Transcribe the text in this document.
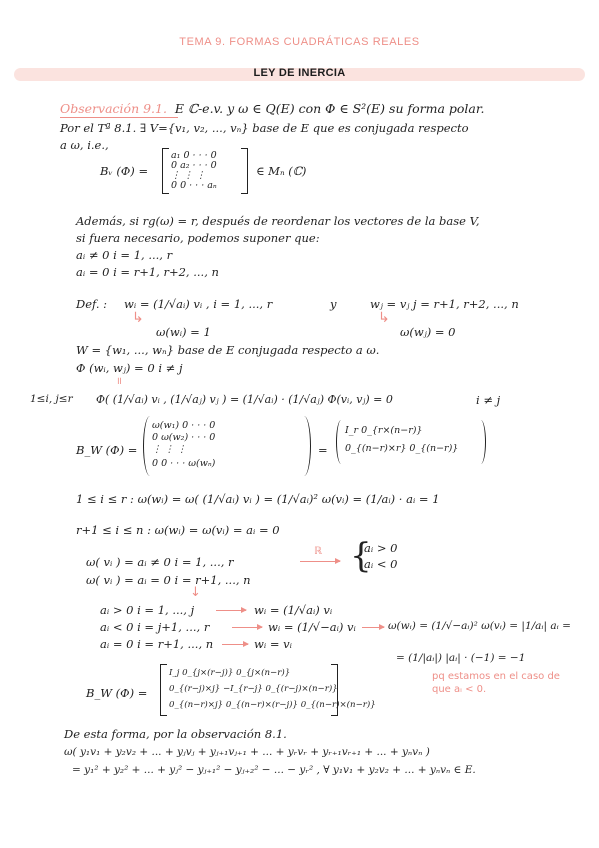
TEMA 9. FORMAS CUADRÁTICAS REALES
LEY DE INERCIA
Observación 9.1. E ℂ-e.v. y ω ∈ Q(E) con Φ ∈ S²(E) su forma polar.
Por el Tª 8.1. ∃ V={v₁, v₂, ..., vₙ} base de E que es conjugada respecto
a ω, i.e.,
Bᵥ (Φ) =
a₁ 0 · · · 0
0 a₂ · · · 0
⋮ ⋮ ⋮
0 0 · · · aₙ
∈ Mₙ (ℂ)
Además, si rg(ω) = r, después de reordenar los vectores de la base V,
si fuera necesario, podemos suponer que:
aᵢ ≠ 0 i = 1, ..., r
aᵢ = 0 i = r+1, r+2, ..., n
Def. : wᵢ = (1/√aᵢ) vᵢ , i = 1, ..., r	y	wⱼ = vⱼ j = r+1, r+2, ..., n
↳
ω(wᵢ) = 1
↳
ω(wⱼ) = 0
W = {w₁, ..., wₙ} base de E conjugada respecto a ω.
Φ (wᵢ, wⱼ) = 0 i ≠ j
॥
1≤i, j≤r Φ( (1/√aᵢ) vᵢ , (1/√aⱼ) vⱼ ) = (1/√aᵢ) · (1/√aⱼ) Φ(vᵢ, vⱼ) = 0	i ≠ j
B_W (Φ) =
ω(w₁) 0 · · · 0
0 ω(w₂) · · · 0
⋮ ⋮ ⋮
0 0 · · · ω(wₙ)
=
I_r 0_{r×(n−r)}
0_{(n−r)×r} 0_{(n−r)}
1 ≤ i ≤ r : ω(wᵢ) = ω( (1/√aᵢ) vᵢ ) = (1/√aᵢ)² ω(vᵢ) = (1/aᵢ) · aᵢ = 1
r+1 ≤ i ≤ n : ω(wᵢ) = ω(vᵢ) = aᵢ = 0
ω( vᵢ ) = aᵢ ≠ 0 i = 1, ..., r
ω( vᵢ ) = aᵢ = 0 i = r+1, ..., n
ℝ {
aᵢ > 0
aᵢ < 0
↓
aᵢ > 0 i = 1, ..., j	wᵢ = (1/√aᵢ) vᵢ
aᵢ < 0 i = j+1, ..., r	wᵢ = (1/√−aᵢ) vᵢ	ω(wᵢ) = (1/√−aᵢ)² ω(vᵢ) = |1/aᵢ| aᵢ =
aᵢ = 0 i = r+1, ..., n	wᵢ = vᵢ
= (1/|aᵢ|) |aᵢ| · (−1) = −1
pq estamos en el caso de
que aᵢ < 0.
B_W (Φ) =
I_j 0_{j×(r−j)} 0_{j×(n−r)}
0_{(r−j)×j} −I_{r−j} 0_{(r−j)×(n−r)}
0_{(n−r)×j} 0_{(n−r)×(r−j)} 0_{(n−r)×(n−r)}
De esta forma, por la observación 8.1.
ω( y₁v₁ + y₂v₂ + ... + yⱼvⱼ + yⱼ₊₁vⱼ₊₁ + ... + yᵣvᵣ + yᵣ₊₁vᵣ₊₁ + ... + yₙvₙ )
= y₁² + y₂² + ... + yⱼ² − yⱼ₊₁² − yⱼ₊₂² − ... − yᵣ² , ∀ y₁v₁ + y₂v₂ + ... + yₙvₙ ∈ E.
